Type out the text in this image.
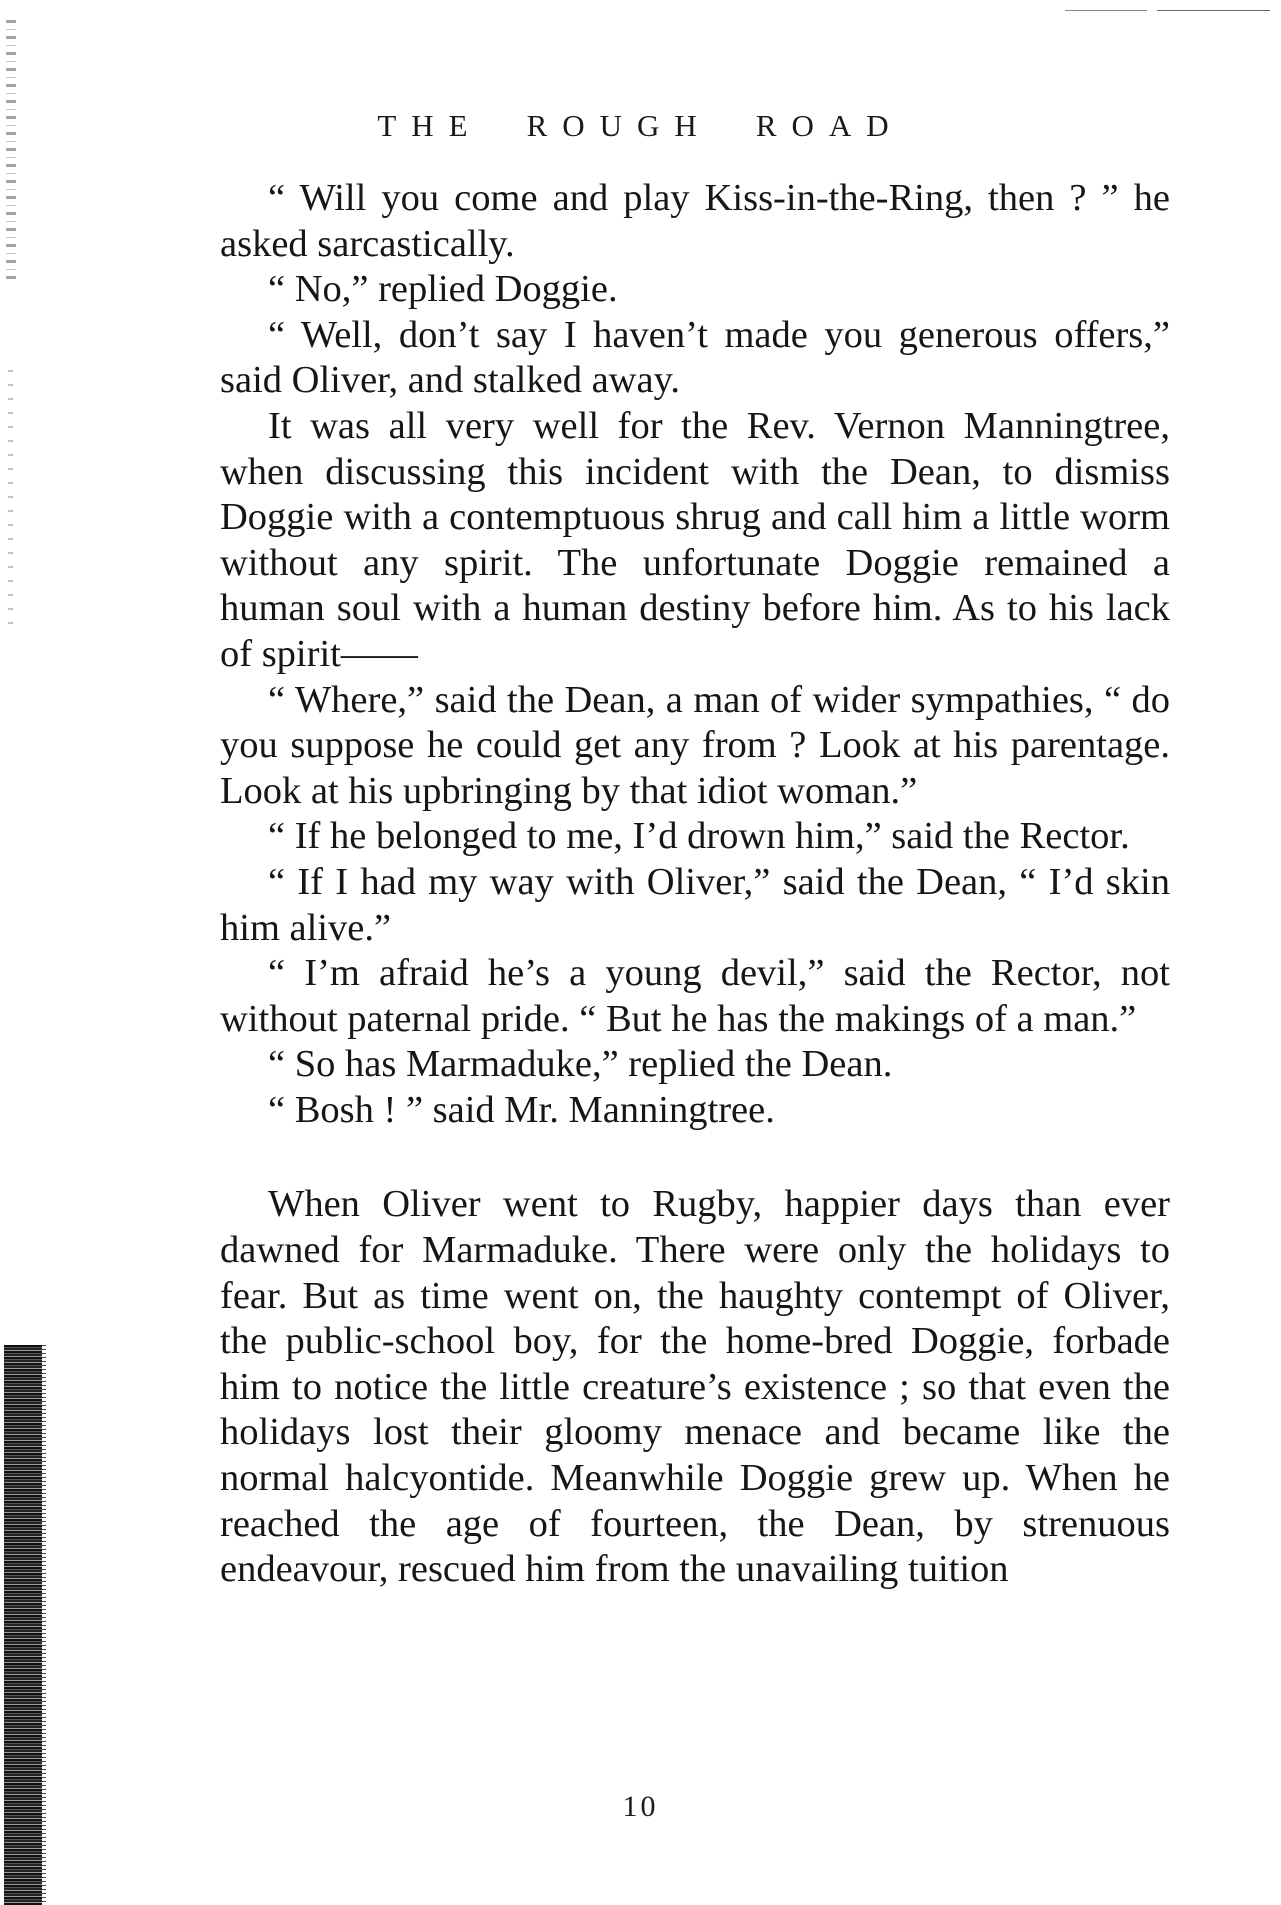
THE ROUGH ROAD

“ Will you come and play Kiss-in-the-Ring, then ? ” he asked sarcastically.

“ No,” replied Doggie.

“ Well, don’t say I haven’t made you generous offers,” said Oliver, and stalked away.

It was all very well for the Rev. Vernon Manningtree, when discussing this incident with the Dean, to dismiss Doggie with a contemptuous shrug and call him a little worm without any spirit. The unfortunate Doggie remained a human soul with a human destiny before him. As to his lack of spirit——

“ Where,” said the Dean, a man of wider sympathies, “ do you suppose he could get any from ? Look at his parentage. Look at his upbringing by that idiot woman.”

“ If he belonged to me, I’d drown him,” said the Rector.

“ If I had my way with Oliver,” said the Dean, “ I’d skin him alive.”

“ I’m afraid he’s a young devil,” said the Rector, not without paternal pride. “ But he has the makings of a man.”

“ So has Marmaduke,” replied the Dean.

“ Bosh ! ” said Mr. Manningtree.

When Oliver went to Rugby, happier days than ever dawned for Marmaduke. There were only the holidays to fear. But as time went on, the haughty contempt of Oliver, the public-school boy, for the home-bred Doggie, forbade him to notice the little creature’s existence ; so that even the holidays lost their gloomy menace and became like the normal halcyontide. Meanwhile Doggie grew up. When he reached the age of fourteen, the Dean, by strenuous endeavour, rescued him from the unavailing tuition

10
